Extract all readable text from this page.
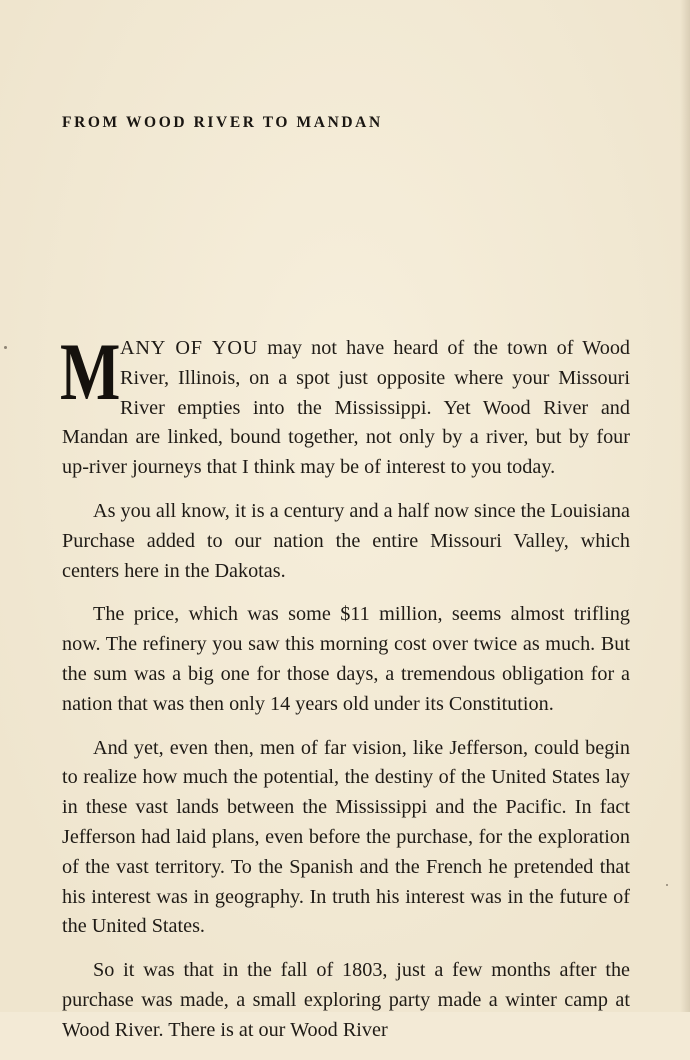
FROM WOOD RIVER TO MANDAN

MANY OF YOU may not have heard of the town of Wood River, Illinois, on a spot just opposite where your Missouri River empties into the Mississippi. Yet Wood River and Mandan are linked, bound together, not only by a river, but by four up-river journeys that I think may be of interest to you today.

As you all know, it is a century and a half now since the Louisiana Purchase added to our nation the entire Missouri Valley, which centers here in the Dakotas.

The price, which was some $11 million, seems almost trifling now. The refinery you saw this morning cost over twice as much. But the sum was a big one for those days, a tremendous obligation for a nation that was then only 14 years old under its Constitution.

And yet, even then, men of far vision, like Jefferson, could begin to realize how much the potential, the destiny of the United States lay in these vast lands between the Mississippi and the Pacific. In fact Jefferson had laid plans, even before the purchase, for the exploration of the vast territory. To the Spanish and the French he pretended that his interest was in geography. In truth his interest was in the future of the United States.

So it was that in the fall of 1803, just a few months after the purchase was made, a small exploring party made a winter camp at Wood River. There is at our Wood River
